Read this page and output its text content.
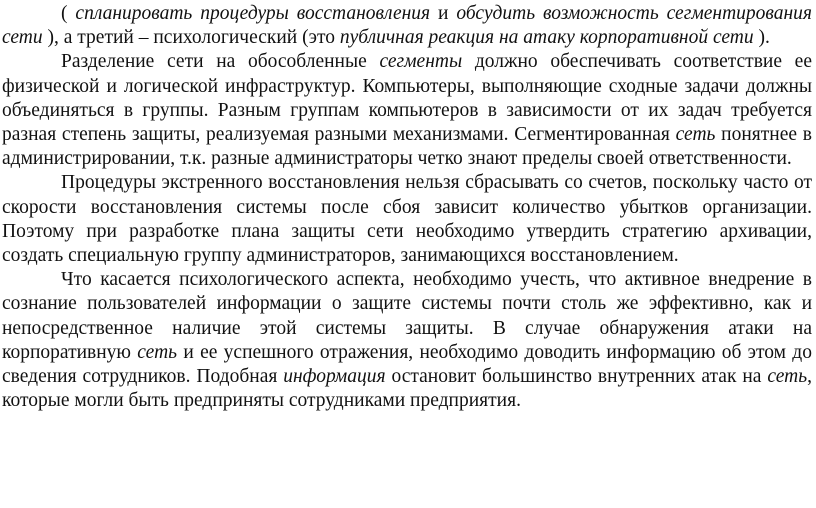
( спланировать процедуры восстановления и обсудить возможность сегментирования сети ), а третий – психологический (это публичная реакция на атаку корпоративной сети ).

Разделение сети на обособленные сегменты должно обеспечивать соответствие ее физической и логической инфраструктур. Компьютеры, выполняющие сходные задачи должны объединяться в группы. Разным группам компьютеров в зависимости от их задач требуется разная степень защиты, реализуемая разными механизмами. Сегментированная сеть понятнее в администрировании, т.к. разные администраторы четко знают пределы своей ответственности.

Процедуры экстренного восстановления нельзя сбрасывать со счетов, поскольку часто от скорости восстановления системы после сбоя зависит количество убытков организации. Поэтому при разработке плана защиты сети необходимо утвердить стратегию архивации, создать специальную группу администраторов, занимающихся восстановлением.

Что касается психологического аспекта, необходимо учесть, что активное внедрение в сознание пользователей информации о защите системы почти столь же эффективно, как и непосредственное наличие этой системы защиты. В случае обнаружения атаки на корпоративную сеть и ее успешного отражения, необходимо доводить информацию об этом до сведения сотрудников. Подобная информация остановит большинство внутренних атак на сеть, которые могли быть предприняты сотрудниками предприятия.
